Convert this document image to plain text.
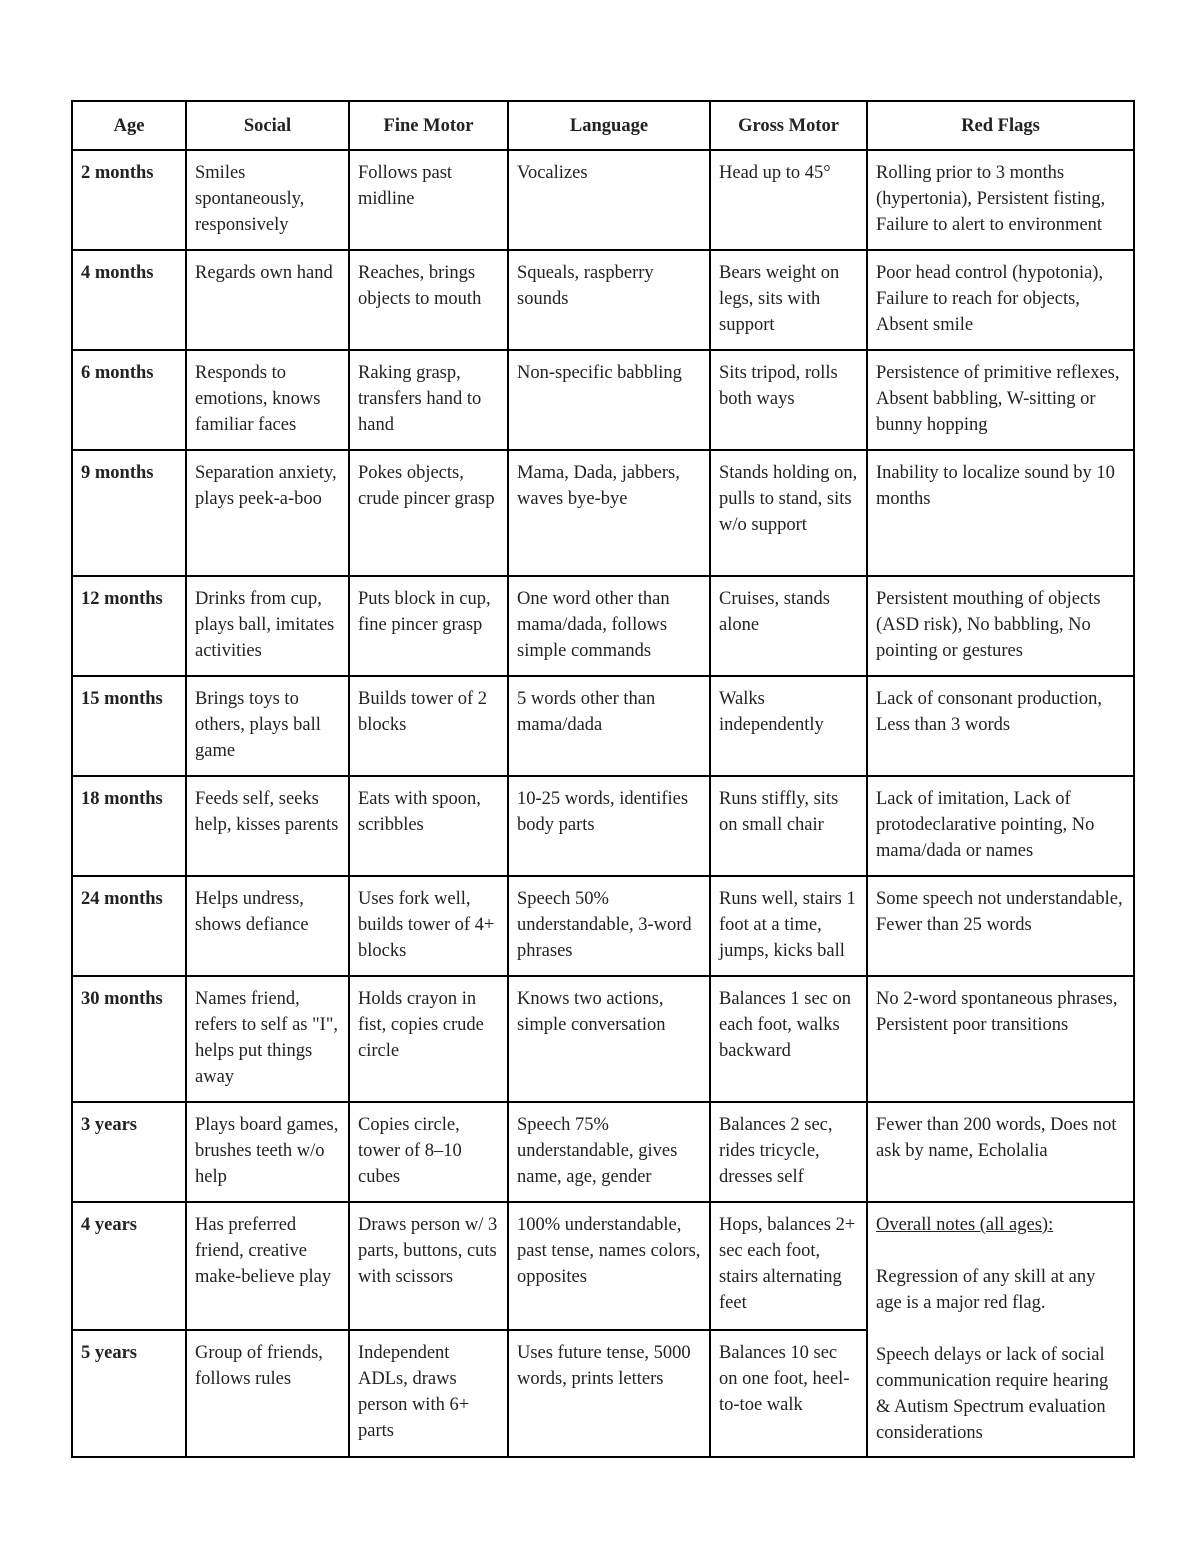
Age	Social	Fine Motor	Language	Gross Motor	Red Flags
2 months	Smiles spontaneously, responsively	Follows past midline	Vocalizes	Head up to 45°	Rolling prior to 3 months (hypertonia), Persistent fisting, Failure to alert to environment
4 months	Regards own hand	Reaches, brings objects to mouth	Squeals, raspberry sounds	Bears weight on legs, sits with support	Poor head control (hypotonia), Failure to reach for objects, Absent smile
6 months	Responds to emotions, knows familiar faces	Raking grasp, transfers hand to hand	Non-specific babbling	Sits tripod, rolls both ways	Persistence of primitive reflexes, Absent babbling, W-sitting or bunny hopping
9 months	Separation anxiety, plays peek-a-boo	Pokes objects, crude pincer grasp	Mama, Dada, jabbers, waves bye-bye	Stands holding on, pulls to stand, sits w/o support	Inability to localize sound by 10 months
12 months	Drinks from cup, plays ball, imitates activities	Puts block in cup, fine pincer grasp	One word other than mama/dada, follows simple commands	Cruises, stands alone	Persistent mouthing of objects (ASD risk), No babbling, No pointing or gestures
15 months	Brings toys to others, plays ball game	Builds tower of 2 blocks	5 words other than mama/dada	Walks independently	Lack of consonant production, Less than 3 words
18 months	Feeds self, seeks help, kisses parents	Eats with spoon, scribbles	10-25 words, identifies body parts	Runs stiffly, sits on small chair	Lack of imitation, Lack of protodeclarative pointing, No mama/dada or names
24 months	Helps undress, shows defiance	Uses fork well, builds tower of 4+ blocks	Speech 50% understandable, 3-word phrases	Runs well, stairs 1 foot at a time, jumps, kicks ball	Some speech not understandable, Fewer than 25 words
30 months	Names friend, refers to self as "I", helps put things away	Holds crayon in fist, copies crude circle	Knows two actions, simple conversation	Balances 1 sec on each foot, walks backward	No 2-word spontaneous phrases, Persistent poor transitions
3 years	Plays board games, brushes teeth w/o help	Copies circle, tower of 8–10 cubes	Speech 75% understandable, gives name, age, gender	Balances 2 sec, rides tricycle, dresses self	Fewer than 200 words, Does not ask by name, Echolalia
4 years	Has preferred friend, creative make-believe play	Draws person w/ 3 parts, buttons, cuts with scissors	100% understandable, past tense, names colors, opposites	Hops, balances 2+ sec each foot, stairs alternating feet	Overall notes (all ages):
Regression of any skill at any age is a major red flag.
Speech delays or lack of social communication require hearing & Autism Spectrum evaluation considerations

5 years	Group of friends, follows rules	Independent ADLs, draws person with 6+ parts	Uses future tense, 5000 words, prints letters	Balances 10 sec on one foot, heel-to-toe walk	
